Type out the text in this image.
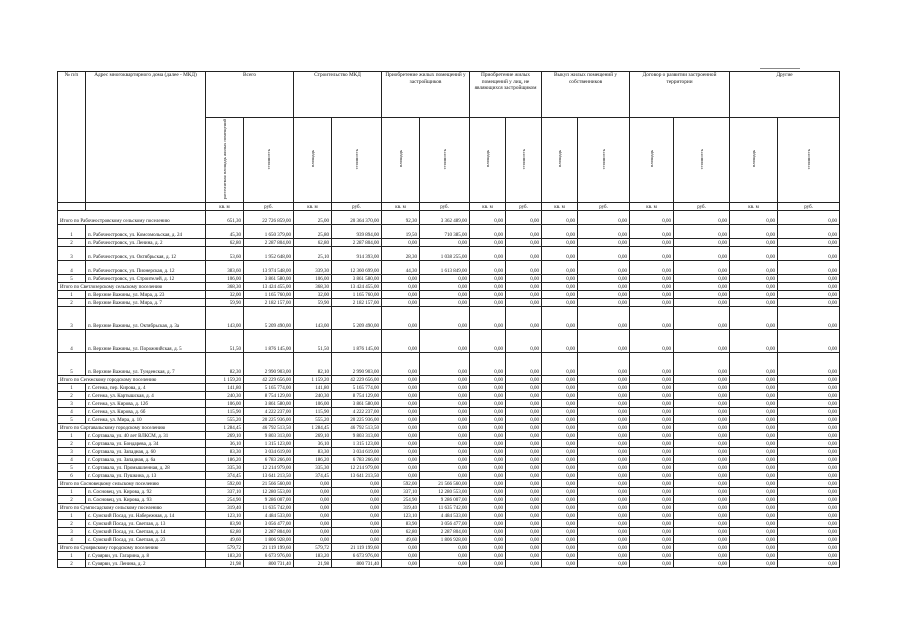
№ п/п	Адрес многоквартирного дома (далее - МКД)	Всего		Строительство МКД		Приобретение жилых помещений у застройщиков		Приобретение жилых помещений у лиц, не являющихся застройщиком		Выкуп жилых помещений у собственников		Договор о развитии застроенной территории		Другие	
		расселяемая площадь жилых помещений	стоимость	площадь	стоимость	площадь	стоимость	площадь	стоимость	площадь	стоимость	площадь	стоимость	площадь	стоимость
		кв. м	руб.	кв. м	руб.	кв. м	руб.	кв. м	руб.	кв. м	руб.	кв. м	руб.	кв. м	руб.
Итого по Рабочеостровскому сельскому поселению		651,30	22 726 859,00	25,00	20 364 370,00	92,30	3 362 489,00	0,00	0,00	0,00	0,00	0,00	0,00	0,00	0,00
1	п. Рабочеостровск, ул. Комсомольская, д. 24	45,30	1 650 379,00	25,80	939 894,00	19,50	710 385,00	0,00	0,00	0,00	0,00	0,00	0,00	0,00	0,00
2	п. Рабочеостровск, ул. Ленина, д. 2	62,80	2 287 804,00	62,80	2 287 804,00	0,00	0,00	0,00	0,00	0,00	0,00	0,00	0,00	0,00	0,00
3	п. Рабочеостровск, ул. Октябрьская, д. 12	53,60	1 952 648,00	25,10	914 393,00	28,30	1 038 255,00	0,00	0,00	0,00	0,00	0,00	0,00	0,00	0,00
4	п. Рабочеостровск, ул. Пионерская, д. 12	383,60	13 974 548,00	339,30	12 360 699,00	44,30	1 613 849,00	0,00	0,00	0,00	0,00	0,00	0,00	0,00	0,00
5	п. Рабочеостровск, ул. Строителей, д. 12	106,00	3 861 580,00	106,00	3 861 580,00	0,00	0,00	0,00	0,00	0,00	0,00	0,00	0,00	0,00	0,00
Итого по Светлозерскому сельскому поселению		368,30	13 424 455,00	368,30	13 424 455,00	0,00	0,00	0,00	0,00	0,00	0,00	0,00	0,00	0,00	0,00
1	п. Верхние Важины, ул. Мира, д. 23	32,00	1 165 760,00	32,00	1 165 760,00	0,00	0,00	0,00	0,00	0,00	0,00	0,00	0,00	0,00	0,00
2	п. Верхние Важины, ул. Мира, д. 7	59,90	2 182 157,00	59,90	2 182 157,00	0,00	0,00	0,00	0,00	0,00	0,00	0,00	0,00	0,00	0,00
3	п. Верхние Важины, ул. Октябрьская, д. 3а	143,00	5 209 490,00	143,00	5 209 490,00	0,00	0,00	0,00	0,00	0,00	0,00	0,00	0,00	0,00	0,00
4	п. Верхние Важины, ул. Порожнийская, д. 5	51,50	1 876 145,00	51,50	1 876 145,00	0,00	0,00	0,00	0,00	0,00	0,00	0,00	0,00	0,00	0,00
5	п. Верхние Важины, ул. Тунденская, д. 7	82,30	2 990 903,00	82,10	2 990 903,00	0,00	0,00	0,00	0,00	0,00	0,00	0,00	0,00	0,00	0,00
Итого по Сегежскому городскому поселению		1 159,20	42 229 656,00	1 159,20	42 229 656,00	0,00	0,00	0,00	0,00	0,00	0,00	0,00	0,00	0,00	0,00
1	г. Сегежа, пер. Кирова, д. 4	141,80	5 165 774,00	141,80	5 165 774,00	0,00	0,00	0,00	0,00	0,00	0,00	0,00	0,00	0,00	0,00
2	г. Сегежа, ул. Картышская, д. 4	240,30	8 754 129,00	240,30	8 754 129,00	0,00	0,00	0,00	0,00	0,00	0,00	0,00	0,00	0,00	0,00
3	г. Сегежа, ул. Кирова, д. 12б	106,00	3 861 580,00	106,00	3 861 580,00	0,00	0,00	0,00	0,00	0,00	0,00	0,00	0,00	0,00	0,00
4	г. Сегежа, ул. Кирова, д. 6б	115,90	4 222 237,00	115,90	4 222 237,00	0,00	0,00	0,00	0,00	0,00	0,00	0,00	0,00	0,00	0,00
5	г. Сегежа, ул. Мира, д. 10	555,20	20 225 936,00	555,20	20 225 936,00	0,00	0,00	0,00	0,00	0,00	0,00	0,00	0,00	0,00	0,00
Итого по Сортавальскому городскому поселению		1 284,45	46 792 513,50	1 284,45	46 792 513,50	0,00	0,00	0,00	0,00	0,00	0,00	0,00	0,00	0,00	0,00
1	г. Сортавала, ул. 40 лет ВЛКСМ, д. 31	269,10	9 803 313,00	269,10	9 803 313,00	0,00	0,00	0,00	0,00	0,00	0,00	0,00	0,00	0,00	0,00
2	г. Сортавала, ул. Бондарева, д. 34	36,10	1 315 123,00	36,10	1 315 123,00	0,00	0,00	0,00	0,00	0,00	0,00	0,00	0,00	0,00	0,00
3	г. Сортавала, ул. Западная, д. 60	83,30	3 034 619,00	83,30	3 034 619,00	0,00	0,00	0,00	0,00	0,00	0,00	0,00	0,00	0,00	0,00
4	г. Сортавала, ул. Западная, д. 6а	186,20	6 783 266,00	186,20	6 783 266,00	0,00	0,00	0,00	0,00	0,00	0,00	0,00	0,00	0,00	0,00
5	г. Сортавала, ул. Промышленная, д. 28	335,30	12 214 979,00	335,30	12 214 979,00	0,00	0,00	0,00	0,00	0,00	0,00	0,00	0,00	0,00	0,00
6	г. Сортавала, ул. Пушкина, д. 13	374,45	13 641 213,50	374,45	13 641 213,50	0,00	0,00	0,00	0,00	0,00	0,00	0,00	0,00	0,00	0,00
Итого по Сосновецкому сельскому поселению		592,00	21 566 560,00	0,00	0,00	592,00	21 566 560,00	0,00	0,00	0,00	0,00	0,00	0,00	0,00	0,00
1	п. Сосновец, ул. Кирова, д. 92	337,10	12 280 553,00	0,00	0,00	337,10	12 280 553,00	0,00	0,00	0,00	0,00	0,00	0,00	0,00	0,00
2	п. Сосновец, ул. Кирова, д. 93	254,90	9 286 007,00	0,00	0,00	254,90	9 286 007,00	0,00	0,00	0,00	0,00	0,00	0,00	0,00	0,00
Итого по Сумпосадскому сельскому поселению		319,40	11 635 742,00	0,00	0,00	319,40	11 635 742,00	0,00	0,00	0,00	0,00	0,00	0,00	0,00	0,00
1	с. Сумский Посад, ул. Набережная, д. 14	123,10	4 484 533,00	0,00	0,00	123,10	4 484 533,00	0,00	0,00	0,00	0,00	0,00	0,00	0,00	0,00
2	с. Сумский Посад, ул. Светлая, д. 13	83,90	3 056 477,00	0,00	0,00	83,90	3 056 477,00	0,00	0,00	0,00	0,00	0,00	0,00	0,00	0,00
3	с. Сумский Посад, ул. Светлая, д. 14	62,80	2 287 804,00	0,00	0,00	62,80	2 287 804,00	0,00	0,00	0,00	0,00	0,00	0,00	0,00	0,00
4	с. Сумский Посад, ул. Светлая, д. 23	49,60	1 806 928,00	0,00	0,00	49,60	1 806 928,00	0,00	0,00	0,00	0,00	0,00	0,00	0,00	0,00
Итого по Суоярвскому городскому поселению		579,72	21 119 199,60	579,72	21 119 199,60	0,00	0,00	0,00	0,00	0,00	0,00	0,00	0,00	0,00	0,00
1	г. Суоярви, ул. Гагарина, д. 8	183,20	6 673 976,00	183,20	6 673 976,00	0,00	0,00	0,00	0,00	0,00	0,00	0,00	0,00	0,00	0,00
2	г. Суоярви, ул. Ленина, д. 2	21,98	800 731,40	21,98	800 731,40	0,00	0,00	0,00	0,00	0,00	0,00	0,00	0,00	0,00	0,00
